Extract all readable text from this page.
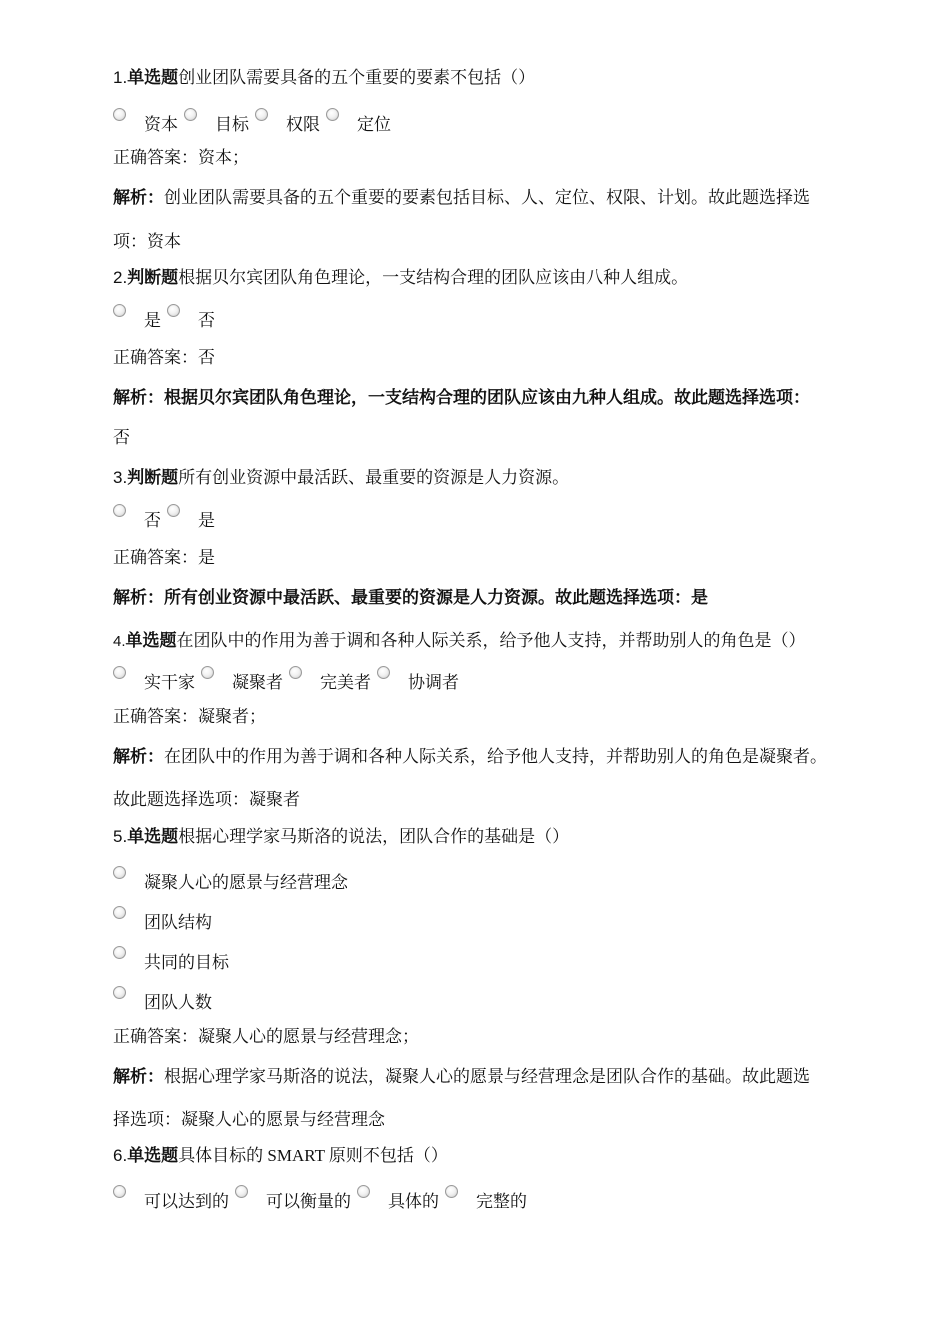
1.单选题创业团队需要具备的五个重要的要素不包括（）
资本 目标 权限 定位
正确答案：资本；
解析：创业团队需要具备的五个重要的要素包括目标、人、定位、权限、计划。故此题选择选
项：资本
2.判断题根据贝尔宾团队角色理论，一支结构合理的团队应该由八种人组成。
是 否
正确答案：否
解析：根据贝尔宾团队角色理论，一支结构合理的团队应该由九种人组成。故此题选择选项：
否
3.判断题所有创业资源中最活跃、最重要的资源是人力资源。
否 是
正确答案：是
解析：所有创业资源中最活跃、最重要的资源是人力资源。故此题选择选项：是
4.单选题在团队中的作用为善于调和各种人际关系，给予他人支持，并帮助别人的角色是（）
实干家 凝聚者 完美者 协调者
正确答案：凝聚者；
解析：在团队中的作用为善于调和各种人际关系，给予他人支持，并帮助别人的角色是凝聚者。
故此题选择选项：凝聚者
5.单选题根据心理学家马斯洛的说法，团队合作的基础是（）
凝聚人心的愿景与经营理念
团队结构
共同的目标
团队人数
正确答案：凝聚人心的愿景与经营理念；
解析：根据心理学家马斯洛的说法，凝聚人心的愿景与经营理念是团队合作的基础。故此题选
择选项：凝聚人心的愿景与经营理念
6.单选题具体目标的 SMART 原则不包括（）
可以达到的 可以衡量的 具体的 完整的
